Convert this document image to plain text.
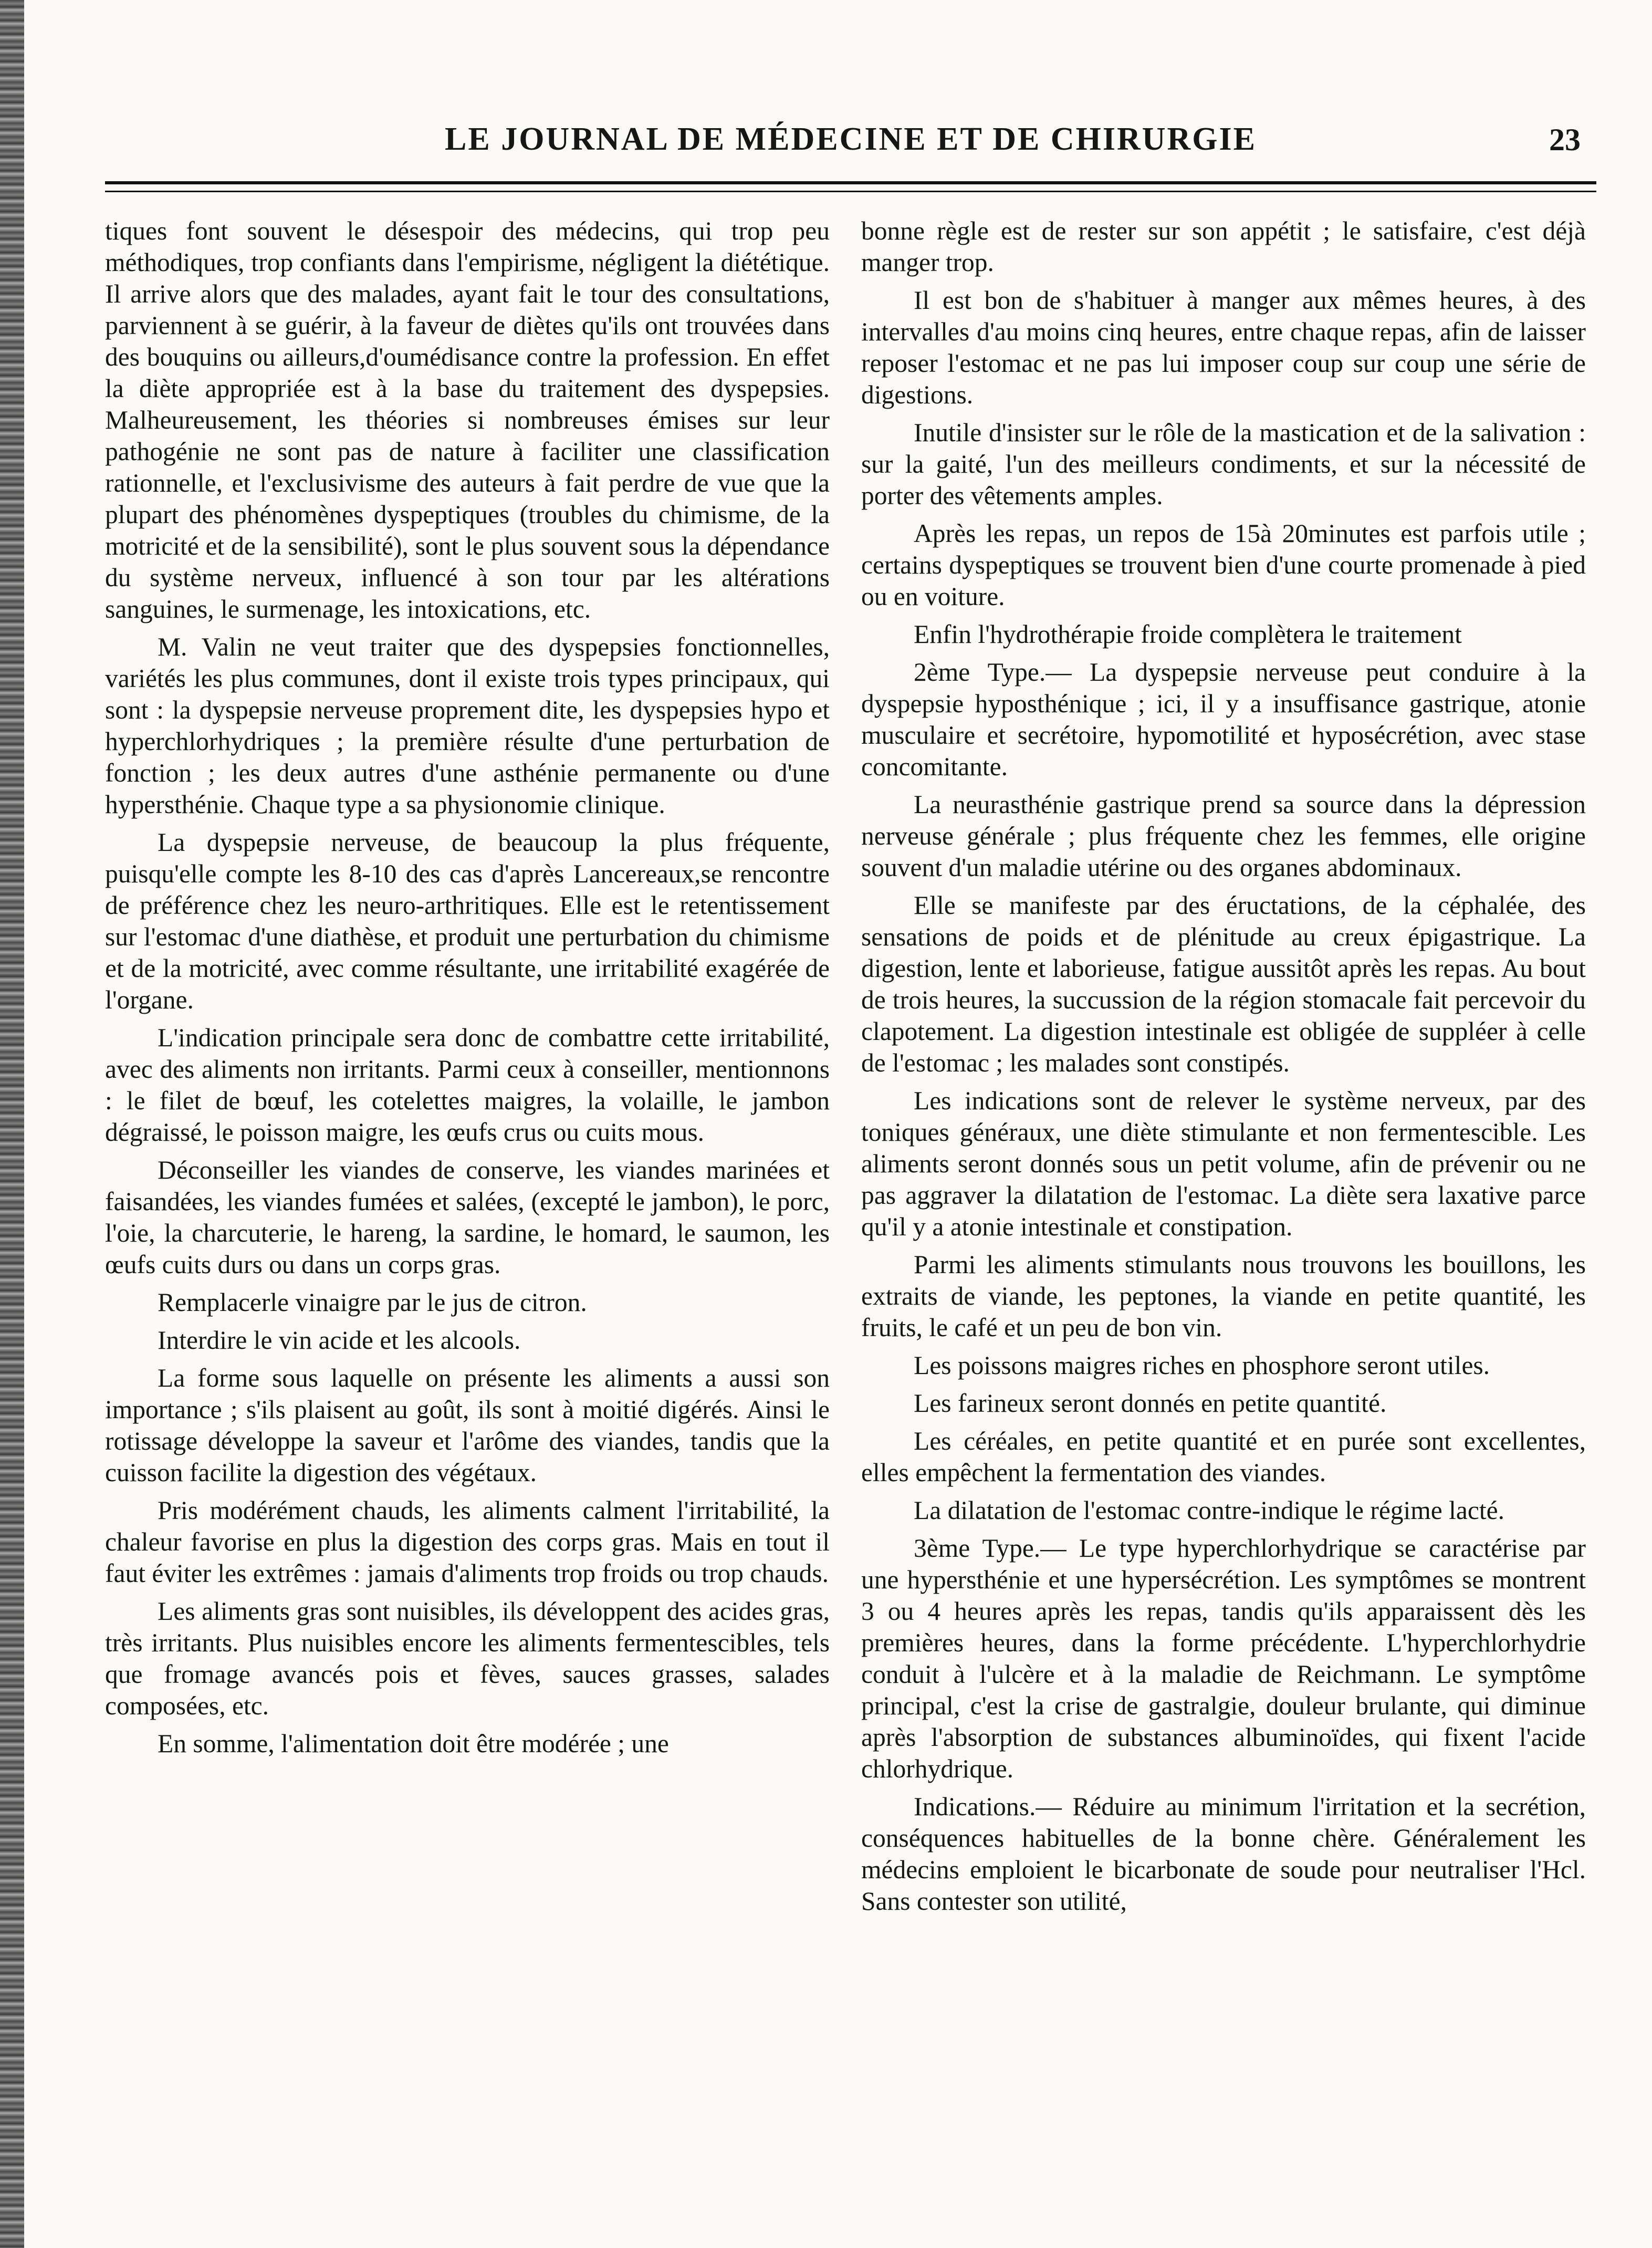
LE JOURNAL DE MÉDECINE ET DE CHIRURGIE	23

tiques font souvent le désespoir des médecins, qui trop peu méthodiques, trop confiants dans l'empirisme, négligent la diététique. Il arrive alors que des malades, ayant fait le tour des consultations, parviennent à se guérir, à la faveur de diètes qu'ils ont trouvées dans des bouquins ou ailleurs,d'oumédisance contre la profession. En effet la diète appropriée est à la base du traitement des dyspepsies. Malheureusement, les théories si nombreuses émises sur leur pathogénie ne sont pas de nature à faciliter une classification rationnelle, et l'exclusivisme des auteurs à fait perdre de vue que la plupart des phénomènes dyspeptiques (troubles du chimisme, de la motricité et de la sensibilité), sont le plus souvent sous la dépendance du système nerveux, influencé à son tour par les altérations sanguines, le surmenage, les intoxications, etc.

M. Valin ne veut traiter que des dyspepsies fonctionnelles, variétés les plus communes, dont il existe trois types principaux, qui sont : la dyspepsie nerveuse proprement dite, les dyspepsies hypo et hyperchlorhydriques ; la première résulte d'une perturbation de fonction ; les deux autres d'une asthénie permanente ou d'une hypersthénie. Chaque type a sa physionomie clinique.

La dyspepsie nerveuse, de beaucoup la plus fréquente, puisqu'elle compte les 8-10 des cas d'après Lancereaux,se rencontre de préférence chez les neuro-arthritiques. Elle est le retentissement sur l'estomac d'une diathèse, et produit une perturbation du chimisme et de la motricité, avec comme résultante, une irritabilité exagérée de l'organe.

L'indication principale sera donc de combattre cette irritabilité, avec des aliments non irritants. Parmi ceux à conseiller, mentionnons : le filet de bœuf, les cotelettes maigres, la volaille, le jambon dégraissé, le poisson maigre, les œufs crus ou cuits mous.

Déconseiller les viandes de conserve, les viandes marinées et faisandées, les viandes fumées et salées, (excepté le jambon), le porc, l'oie, la charcuterie, le hareng, la sardine, le homard, le saumon, les œufs cuits durs ou dans un corps gras.

Remplacerle vinaigre par le jus de citron.

Interdire le vin acide et les alcools.

La forme sous laquelle on présente les aliments a aussi son importance ; s'ils plaisent au goût, ils sont à moitié digérés. Ainsi le rotissage développe la saveur et l'arôme des viandes, tandis que la cuisson facilite la digestion des végétaux.

Pris modérément chauds, les aliments calment l'irritabilité, la chaleur favorise en plus la digestion des corps gras. Mais en tout il faut éviter les extrêmes : jamais d'aliments trop froids ou trop chauds.

Les aliments gras sont nuisibles, ils développent des acides gras, très irritants. Plus nuisibles encore les aliments fermentescibles, tels que fromage avancés pois et fèves, sauces grasses, salades composées, etc.

En somme, l'alimentation doit être modérée ; une

bonne règle est de rester sur son appétit ; le satisfaire, c'est déjà manger trop.

Il est bon de s'habituer à manger aux mêmes heures, à des intervalles d'au moins cinq heures, entre chaque repas, afin de laisser reposer l'estomac et ne pas lui imposer coup sur coup une série de digestions.

Inutile d'insister sur le rôle de la mastication et de la salivation : sur la gaité, l'un des meilleurs condiments, et sur la nécessité de porter des vêtements amples.

Après les repas, un repos de 15à 20minutes est parfois utile ; certains dyspeptiques se trouvent bien d'une courte promenade à pied ou en voiture.

Enfin l'hydrothérapie froide complètera le traitement

2ème Type.— La dyspepsie nerveuse peut conduire à la dyspepsie hyposthénique ; ici, il y a insuffisance gastrique, atonie musculaire et secrétoire, hypomotilité et hyposécrétion, avec stase concomitante.

La neurasthénie gastrique prend sa source dans la dépression nerveuse générale ; plus fréquente chez les femmes, elle origine souvent d'un maladie utérine ou des organes abdominaux.

Elle se manifeste par des éructations, de la céphalée, des sensations de poids et de plénitude au creux épigastrique. La digestion, lente et laborieuse, fatigue aussitôt après les repas. Au bout de trois heures, la succussion de la région stomacale fait percevoir du clapotement. La digestion intestinale est obligée de suppléer à celle de l'estomac ; les malades sont constipés.

Les indications sont de relever le système nerveux, par des toniques généraux, une diète stimulante et non fermentescible. Les aliments seront donnés sous un petit volume, afin de prévenir ou ne pas aggraver la dilatation de l'estomac. La diète sera laxative parce qu'il y a atonie intestinale et constipation.

Parmi les aliments stimulants nous trouvons les bouillons, les extraits de viande, les peptones, la viande en petite quantité, les fruits, le café et un peu de bon vin.

Les poissons maigres riches en phosphore seront utiles.

Les farineux seront donnés en petite quantité.

Les céréales, en petite quantité et en purée sont excellentes, elles empêchent la fermentation des viandes.

La dilatation de l'estomac contre-indique le régime lacté.

3ème Type.— Le type hyperchlorhydrique se caractérise par une hypersthénie et une hypersécrétion. Les symptômes se montrent 3 ou 4 heures après les repas, tandis qu'ils apparaissent dès les premières heures, dans la forme précédente. L'hyperchlorhydrie conduit à l'ulcère et à la maladie de Reichmann. Le symptôme principal, c'est la crise de gastralgie, douleur brulante, qui diminue après l'absorption de substances albuminoïdes, qui fixent l'acide chlorhydrique.

Indications.— Réduire au minimum l'irritation et la secrétion, conséquences habituelles de la bonne chère. Généralement les médecins emploient le bicarbonate de soude pour neutraliser l'Hcl. Sans contester son utilité,
